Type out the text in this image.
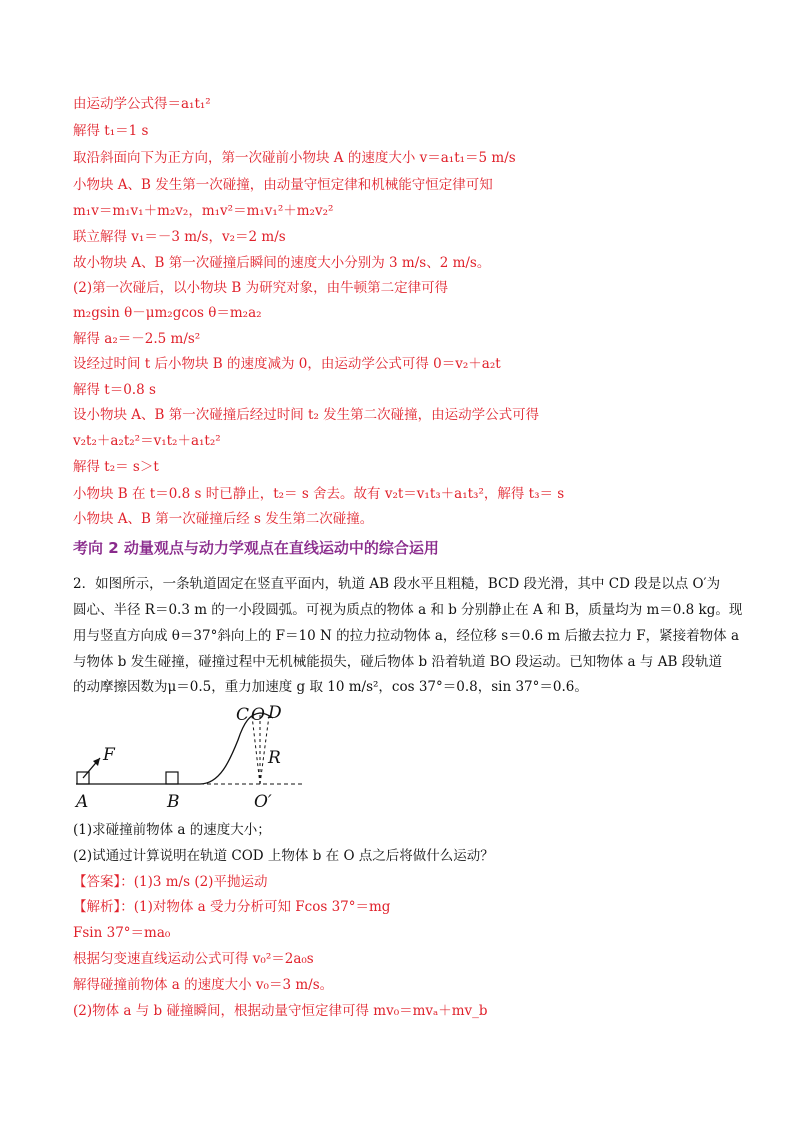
由运动学公式得＝a₁t₁²
解得 t₁＝1 s
取沿斜面向下为正方向，第一次碰前小物块 A 的速度大小 v＝a₁t₁＝5 m/s
小物块 A、B 发生第一次碰撞，由动量守恒定律和机械能守恒定律可知
m₁v＝m₁v₁＋m₂v₂，m₁v²＝m₁v₁²＋m₂v₂²
联立解得 v₁＝－3 m/s，v₂＝2 m/s
故小物块 A、B 第一次碰撞后瞬间的速度大小分别为 3 m/s、2 m/s。
(2)第一次碰后，以小物块 B 为研究对象，由牛顿第二定律可得
m₂gsin θ－μm₂gcos θ＝m₂a₂
解得 a₂＝－2.5 m/s²
设经过时间 t 后小物块 B 的速度减为 0，由运动学公式可得 0＝v₂＋a₂t
解得 t＝0.8 s
设小物块 A、B 第一次碰撞后经过时间 t₂ 发生第二次碰撞，由运动学公式可得
v₂t₂＋a₂t₂²＝v₁t₂＋a₁t₂²
解得 t₂＝ s＞t
小物块 B 在 t＝0.8 s 时已静止，t₂＝ s 舍去。故有 v₂t＝v₁t₃＋a₁t₃²，解得 t₃＝ s
小物块 A、B 第一次碰撞后经 s 发生第二次碰撞。
考向 2 动量观点与动力学观点在直线运动中的综合运用
2．如图所示，一条轨道固定在竖直平面内，轨道 AB 段水平且粗糙，BCD 段光滑，其中 CD 段是以点 O′为
圆心、半径 R＝0.3 m 的一小段圆弧。可视为质点的物体 a 和 b 分别静止在 A 和 B，质量均为 m＝0.8 kg。现
用与竖直方向成 θ＝37°斜向上的 F＝10 N 的拉力拉动物体 a，经位移 s＝0.6 m 后撤去拉力 F，紧接着物体 a
与物体 b 发生碰撞，碰撞过程中无机械能损失，碰后物体 b 沿着轨道 BO 段运动。已知物体 a 与 AB 段轨道
的动摩擦因数为μ＝0.5，重力加速度 g 取 10 m/s²，cos 37°＝0.8，sin 37°＝0.6。
F
C O D
R
A	B	O′
(1)求碰撞前物体 a 的速度大小；
(2)试通过计算说明在轨道 COD 上物体 b 在 O 点之后将做什么运动？
【答案】：(1)3 m/s (2)平抛运动
【解析】：(1)对物体 a 受力分析可知 Fcos 37°＝mg
Fsin 37°＝ma₀
根据匀变速直线运动公式可得 v₀²＝2a₀s
解得碰撞前物体 a 的速度大小 v₀＝3 m/s。
(2)物体 a 与 b 碰撞瞬间，根据动量守恒定律可得 mv₀＝mvₐ＋mv_b
